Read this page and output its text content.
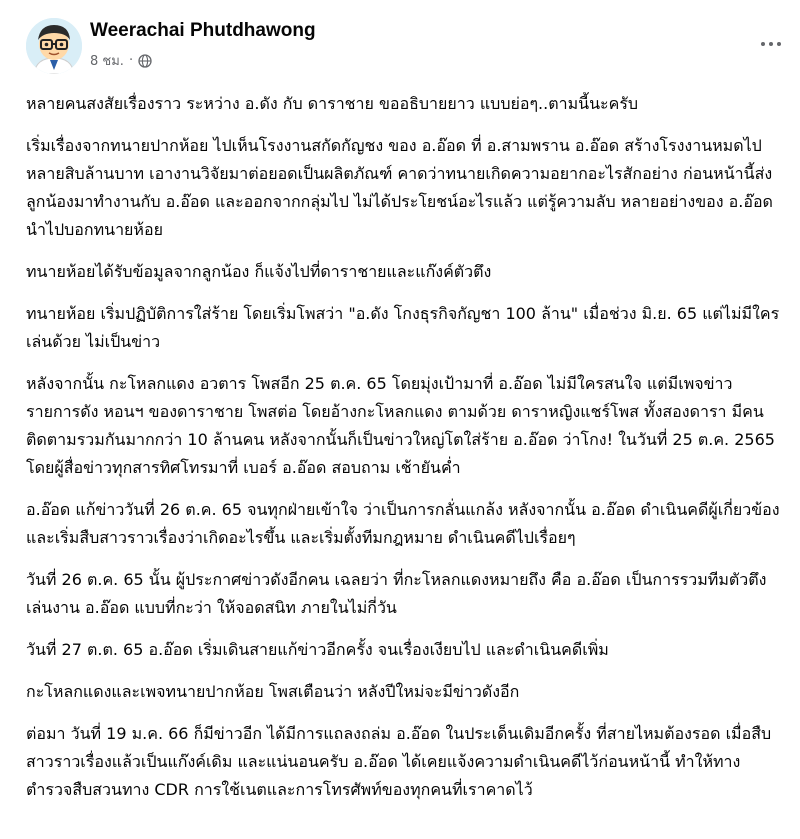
Weerachai Phutdhawong
8 ชม. ·

หลายคนสงสัยเรื่องราว ระหว่าง อ.ดัง กับ ดาราชาย ขออธิบายยาว แบบย่อๆ..ตามนี้นะครับ

เริ่มเรื่องจากทนายปากห้อย ไปเห็นโรงงานสกัดกัญชง ของ อ.อ๊อด ที่ อ.สามพราน อ.อ๊อด สร้างโรงงานหมดไปหลายสิบล้านบาท เอางานวิจัยมาต่อยอดเป็นผลิตภัณฑ์ คาดว่าทนายเกิดความอยากอะไรสักอย่าง ก่อนหน้านี้ส่งลูกน้องมาทำงานกับ อ.อ๊อด และออกจากกลุ่มไป ไม่ได้ประโยชน์อะไรแล้ว แต่รู้ความลับ หลายอย่างของ อ.อ๊อด นำไปบอกทนายห้อย

ทนายห้อยได้รับข้อมูลจากลูกน้อง ก็แจ้งไปที่ดาราชายและแก๊งค์ตัวตึง

ทนายห้อย เริ่มปฏิบัติการใส่ร้าย โดยเริ่มโพสว่า "อ.ดัง โกงธุรกิจกัญชา 100 ล้าน" เมื่อช่วง มิ.ย. 65 แต่ไม่มีใครเล่นด้วย ไม่เป็นข่าว

หลังจากนั้น กะโหลกแดง อวตาร โพสอีก 25 ต.ค. 65 โดยมุ่งเป้ามาที่ อ.อ๊อด ไม่มีใครสนใจ แต่มีเพจข่าวรายการดัง หอนฯ ของดาราชาย โพสต่อ โดยอ้างกะโหลกแดง ตามด้วย ดาราหญิงแชร์โพส ทั้งสองดารา มีคนติดตามรวมกันมากกว่า 10 ล้านคน หลังจากนั้นก็เป็นข่าวใหญ่โตใส่ร้าย อ.อ๊อด ว่าโกง! ในวันที่ 25 ต.ค. 2565 โดยผู้สื่อข่าวทุกสารทิศโทรมาที่ เบอร์ อ.อ๊อด สอบถาม เช้ายันค่ำ

อ.อ๊อด แก้ข่าววันที่ 26 ต.ค. 65 จนทุกฝ่ายเข้าใจ ว่าเป็นการกลั่นแกล้ง หลังจากนั้น อ.อ๊อด ดำเนินคดีผู้เกี่ยวข้อง และเริ่มสืบสาวราวเรื่องว่าเกิดอะไรขึ้น และเริ่มตั้งทีมกฎหมาย ดำเนินคดีไปเรื่อยๆ

วันที่ 26 ต.ค. 65 นั้น ผู้ประกาศข่าวดังอีกคน เฉลยว่า ที่กะโหลกแดงหมายถึง คือ อ.อ๊อด เป็นการรวมทีมตัวตึงเล่นงาน อ.อ๊อด แบบที่กะว่า ให้จอดสนิท ภายในไม่กี่วัน

วันที่ 27 ต.ต. 65 อ.อ๊อด เริ่มเดินสายแก้ข่าวอีกครั้ง จนเรื่องเงียบไป และดำเนินคดีเพิ่ม

กะโหลกแดงและเพจทนายปากห้อย โพสเตือนว่า หลังปีใหม่จะมีข่าวดังอีก

ต่อมา วันที่ 19 ม.ค. 66 ก็มีข่าวอีก ได้มีการแถลงถล่ม อ.อ๊อด ในประเด็นเดิมอีกครั้ง ที่สายไหมต้องรอด เมื่อสืบสาวราวเรื่องแล้วเป็นแก๊งค์เดิม และแน่นอนครับ อ.อ๊อด ได้เคยแจ้งความดำเนินคดีไว้ก่อนหน้านี้ ทำให้ทางตำรวจสืบสวนทาง CDR การใช้เนตและการโทรศัพท์ของทุกคนที่เราคาดไว้
